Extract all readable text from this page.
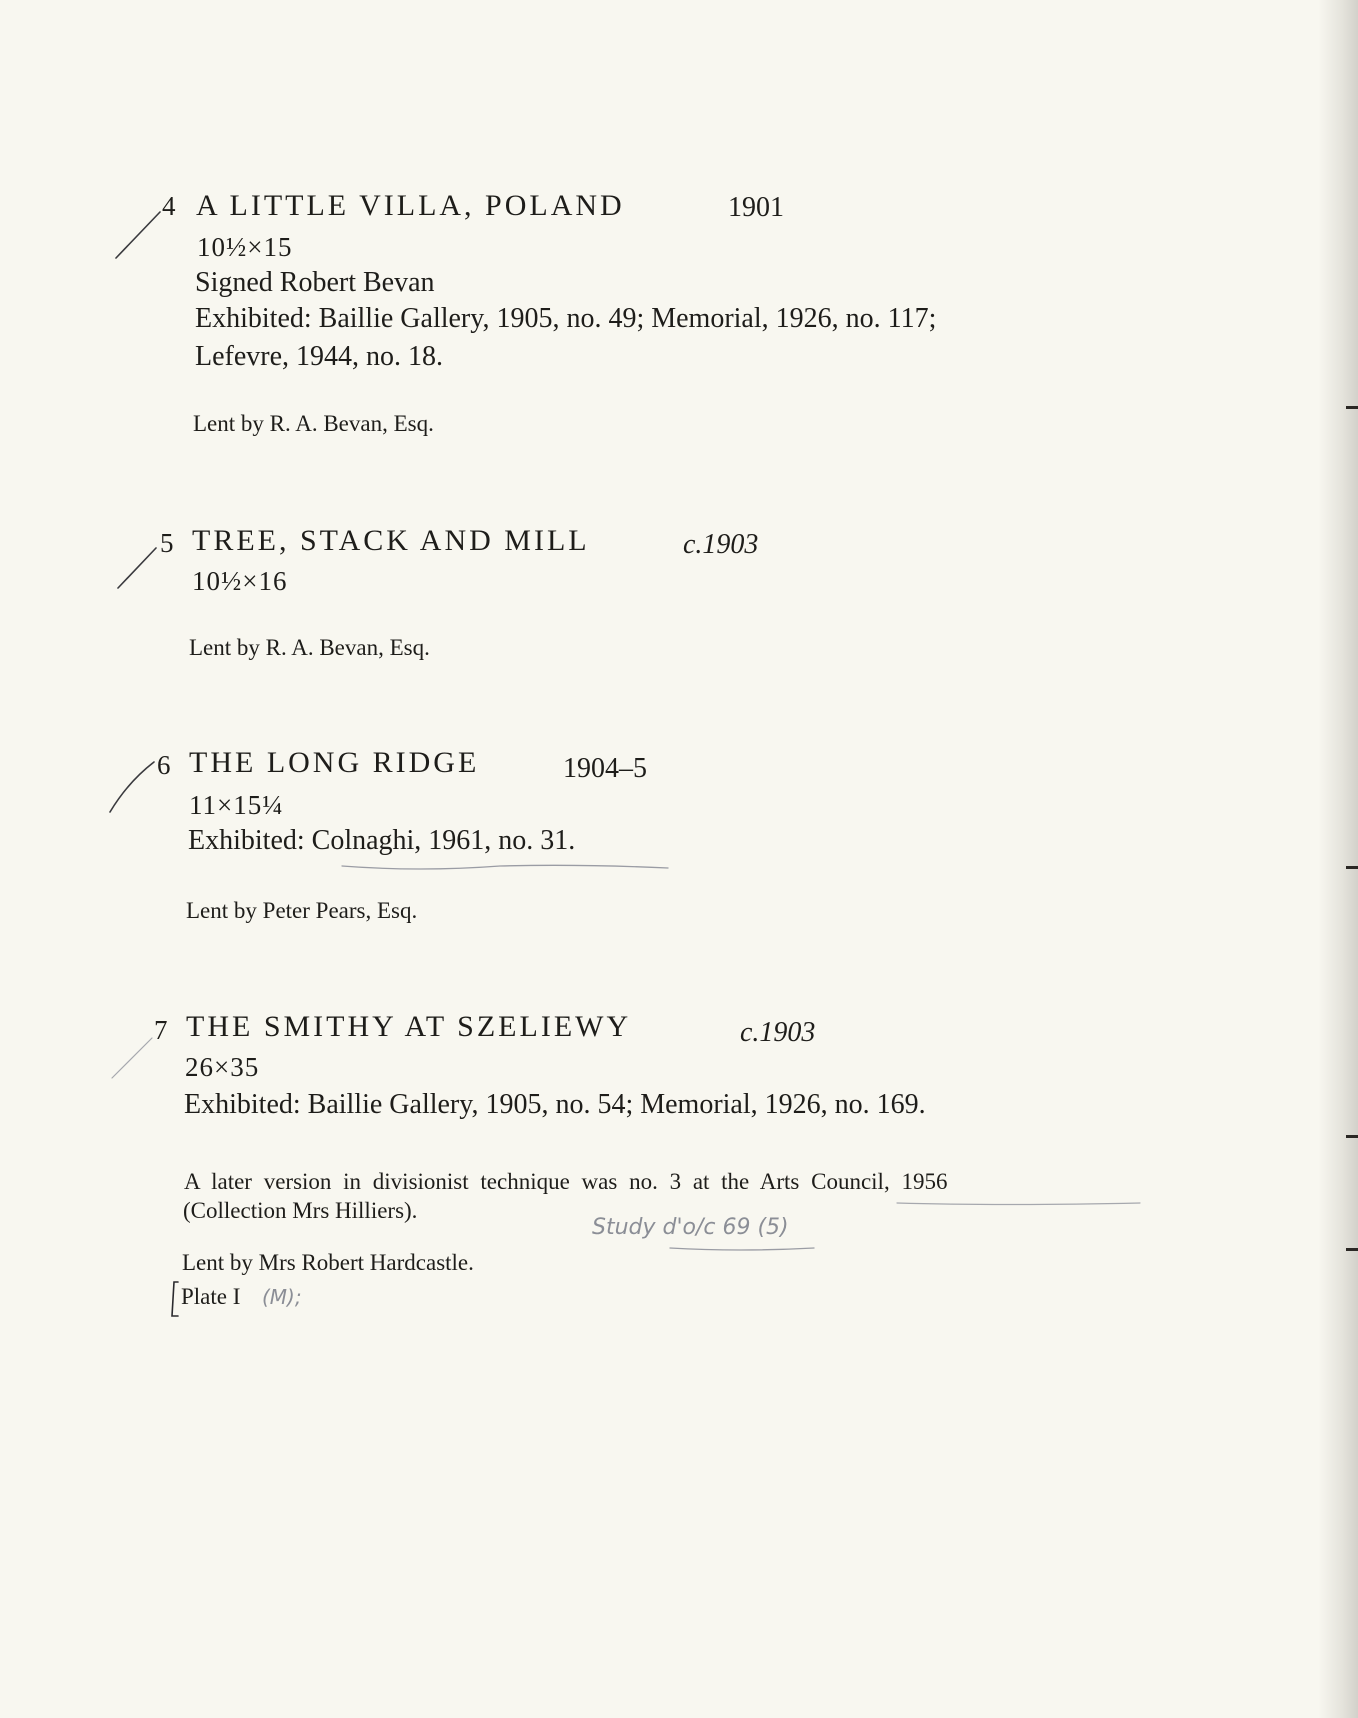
4 A LITTLE VILLA, POLAND	1901
10½×15
Signed Robert Bevan
Exhibited: Baillie Gallery, 1905, no. 49; Memorial, 1926, no. 117;
Lefevre, 1944, no. 18.
Lent by R. A. Bevan, Esq.
5 TREE, STACK AND MILL	c.1903
10½×16
Lent by R. A. Bevan, Esq.
6 THE LONG RIDGE	1904–5
11×15¼
Exhibited: Colnaghi, 1961, no. 31.
Lent by Peter Pears, Esq.
7 THE SMITHY AT SZELIEWY	c.1903
26×35
Exhibited: Baillie Gallery, 1905, no. 54; Memorial, 1926, no. 169.
A later version in divisionist technique was no. 3 at the Arts Council, 1956
(Collection Mrs Hilliers).
Lent by Mrs Robert Hardcastle.
Plate I
Study d'o/c 69 (5)
(M);
